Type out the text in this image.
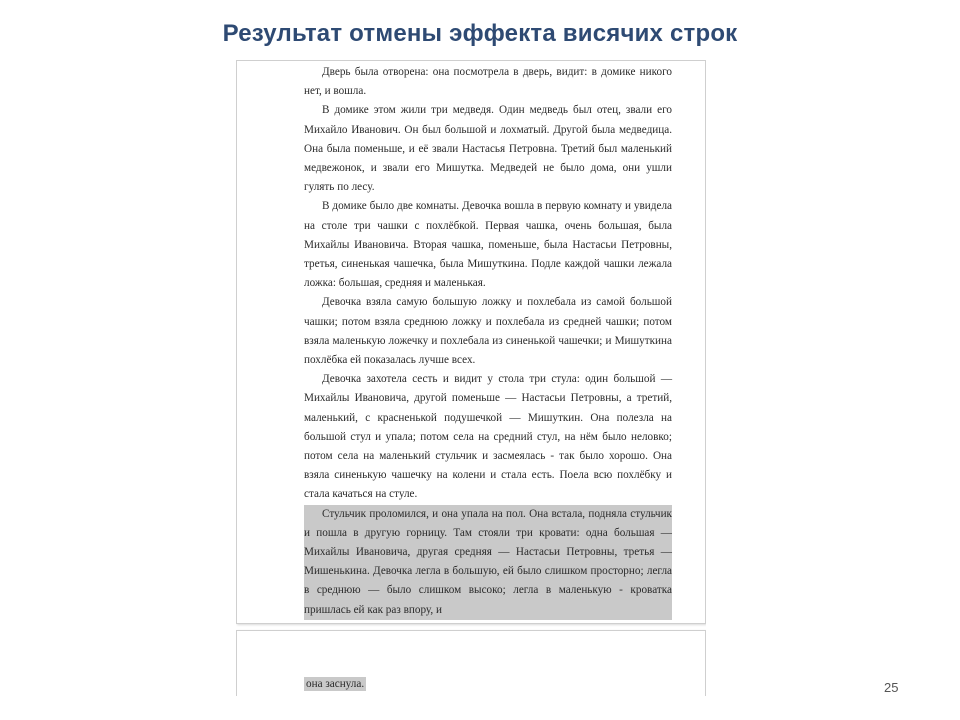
Результат отмены эффекта висячих строк

Дверь была отворена: она посмотрела в дверь, видит: в домике никого нет, и вошла.

В домике этом жили три медведя. Один медведь был отец, звали его Михайло Иванович. Он был большой и лохматый. Другой была медведица. Она была поменьше, и её звали Настасья Петровна. Третий был маленький медвежонок, и звали его Мишутка. Медведей не было дома, они ушли гулять по лесу.

В домике было две комнаты. Девочка вошла в первую комнату и увидела на столе три чашки с похлёбкой. Первая чашка, очень большая, была Михайлы Ивановича. Вторая чашка, поменьше, была Настасьи Петровны, третья, синенькая чашечка, была Мишуткина. Подле каждой чашки лежала ложка: большая, средняя и маленькая.

Девочка взяла самую большую ложку и похлебала из самой большой чашки; потом взяла среднюю ложку и похлебала из средней чашки; потом взяла маленькую ложечку и похлебала из синенькой чашечки; и Мишуткина похлёбка ей показалась лучше всех.

Девочка захотела сесть и видит у стола три стула: один большой — Михайлы Ивановича, другой поменьше — Настасьи Петровны, а третий, маленький, с красненькой подушечкой — Мишуткин. Она полезла на большой стул и упала; потом села на средний стул, на нём было неловко; потом села на маленький стульчик и засмеялась - так было хорошо. Она взяла синенькую чашечку на колени и стала есть. Поела всю похлёбку и стала качаться на стуле.

Стульчик проломился, и она упала на пол. Она встала, подняла стульчик и пошла в другую горницу. Там стояли три кровати: одна большая — Михайлы Ивановича, другая средняя — Настасьи Петровны, третья — Мишенькина. Девочка легла в большую, ей было слишком просторно; легла в среднюю — было слишком высоко; легла в маленькую - кроватка пришлась ей как раз впору, и

она заснула.	25
